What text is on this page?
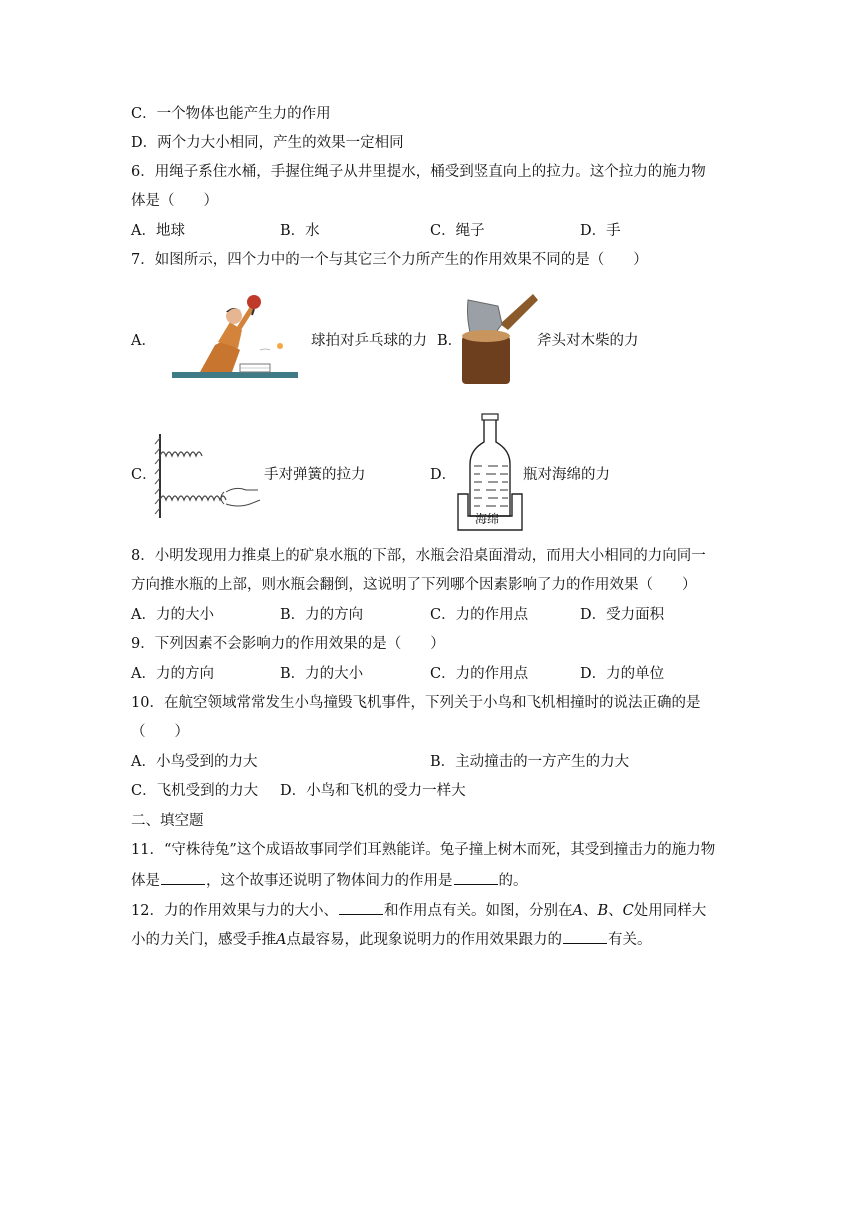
C．一个物体也能产生力的作用
D．两个力大小相同，产生的效果一定相同
6．用绳子系住水桶，手握住绳子从井里提水，桶受到竖直向上的拉力。这个拉力的施力物
体是（　　）
A．地球	B．水	C．绳子	D．手
7．如图所示，四个力中的一个与其它三个力所产生的作用效果不同的是（　　）
A．	球拍对乒乓球的力 B．	斧头对木柴的力
C．	手对弹簧的拉力	D．
海绵
瓶对海绵的力
8．小明发现用力推桌上的矿泉水瓶的下部，水瓶会沿桌面滑动，而用大小相同的力向同一
方向推水瓶的上部，则水瓶会翻倒，这说明了下列哪个因素影响了力的作用效果（　　）
A．力的大小	B．力的方向	C．力的作用点	D．受力面积
9．下列因素不会影响力的作用效果的是（　　）
A．力的方向	B．力的大小	C．力的作用点	D．力的单位
10．在航空领域常常发生小鸟撞毁飞机事件，下列关于小鸟和飞机相撞时的说法正确的是
（　　）
A．小鸟受到的力大	B．主动撞击的一方产生的力大
C．飞机受到的力大 D．小鸟和飞机的受力一样大
二、填空题
11．“守株待兔”这个成语故事同学们耳熟能详。兔子撞上树木而死，其受到撞击力的施力物
体是	，这个故事还说明了物体间力的作用是	的。
12．力的作用效果与力的大小、	和作用点有关。如图，分别在A、B、C处用同样大
小的力关门，感受手推A点最容易，此现象说明力的作用效果跟力的	有关。
